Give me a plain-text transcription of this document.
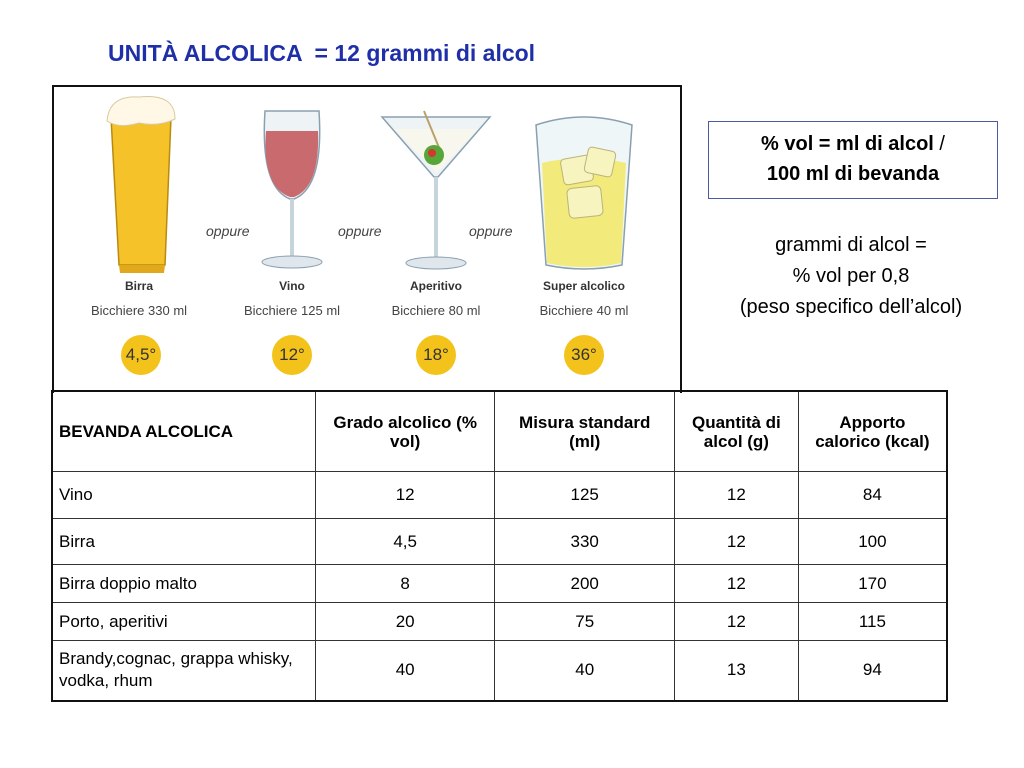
UNITÀ ALCOLICA  = 12 grammi di alcol
Birra
Bicchiere 330 ml
4,5°
oppure
Vino
Bicchiere 125 ml
12°
oppure
Aperitivo
Bicchiere 80 ml
18°
oppure
Super alcolico
Bicchiere 40 ml
36°
% vol = ml di alcol /
100 ml di bevanda
grammi di alcol =
% vol per 0,8
(peso specifico dell’alcol)
BEVANDA ALCOLICA	Grado alcolico (% vol)	Misura standard (ml)	Quantità di alcol (g)	Apporto calorico (kcal)
Vino	12	125	12	84
Birra	4,5	330	12	100
Birra doppio malto	8	200	12	170
Porto, aperitivi	20	75	12	115
Brandy,cognac, grappa whisky, vodka, rhum	40	40	13	94
